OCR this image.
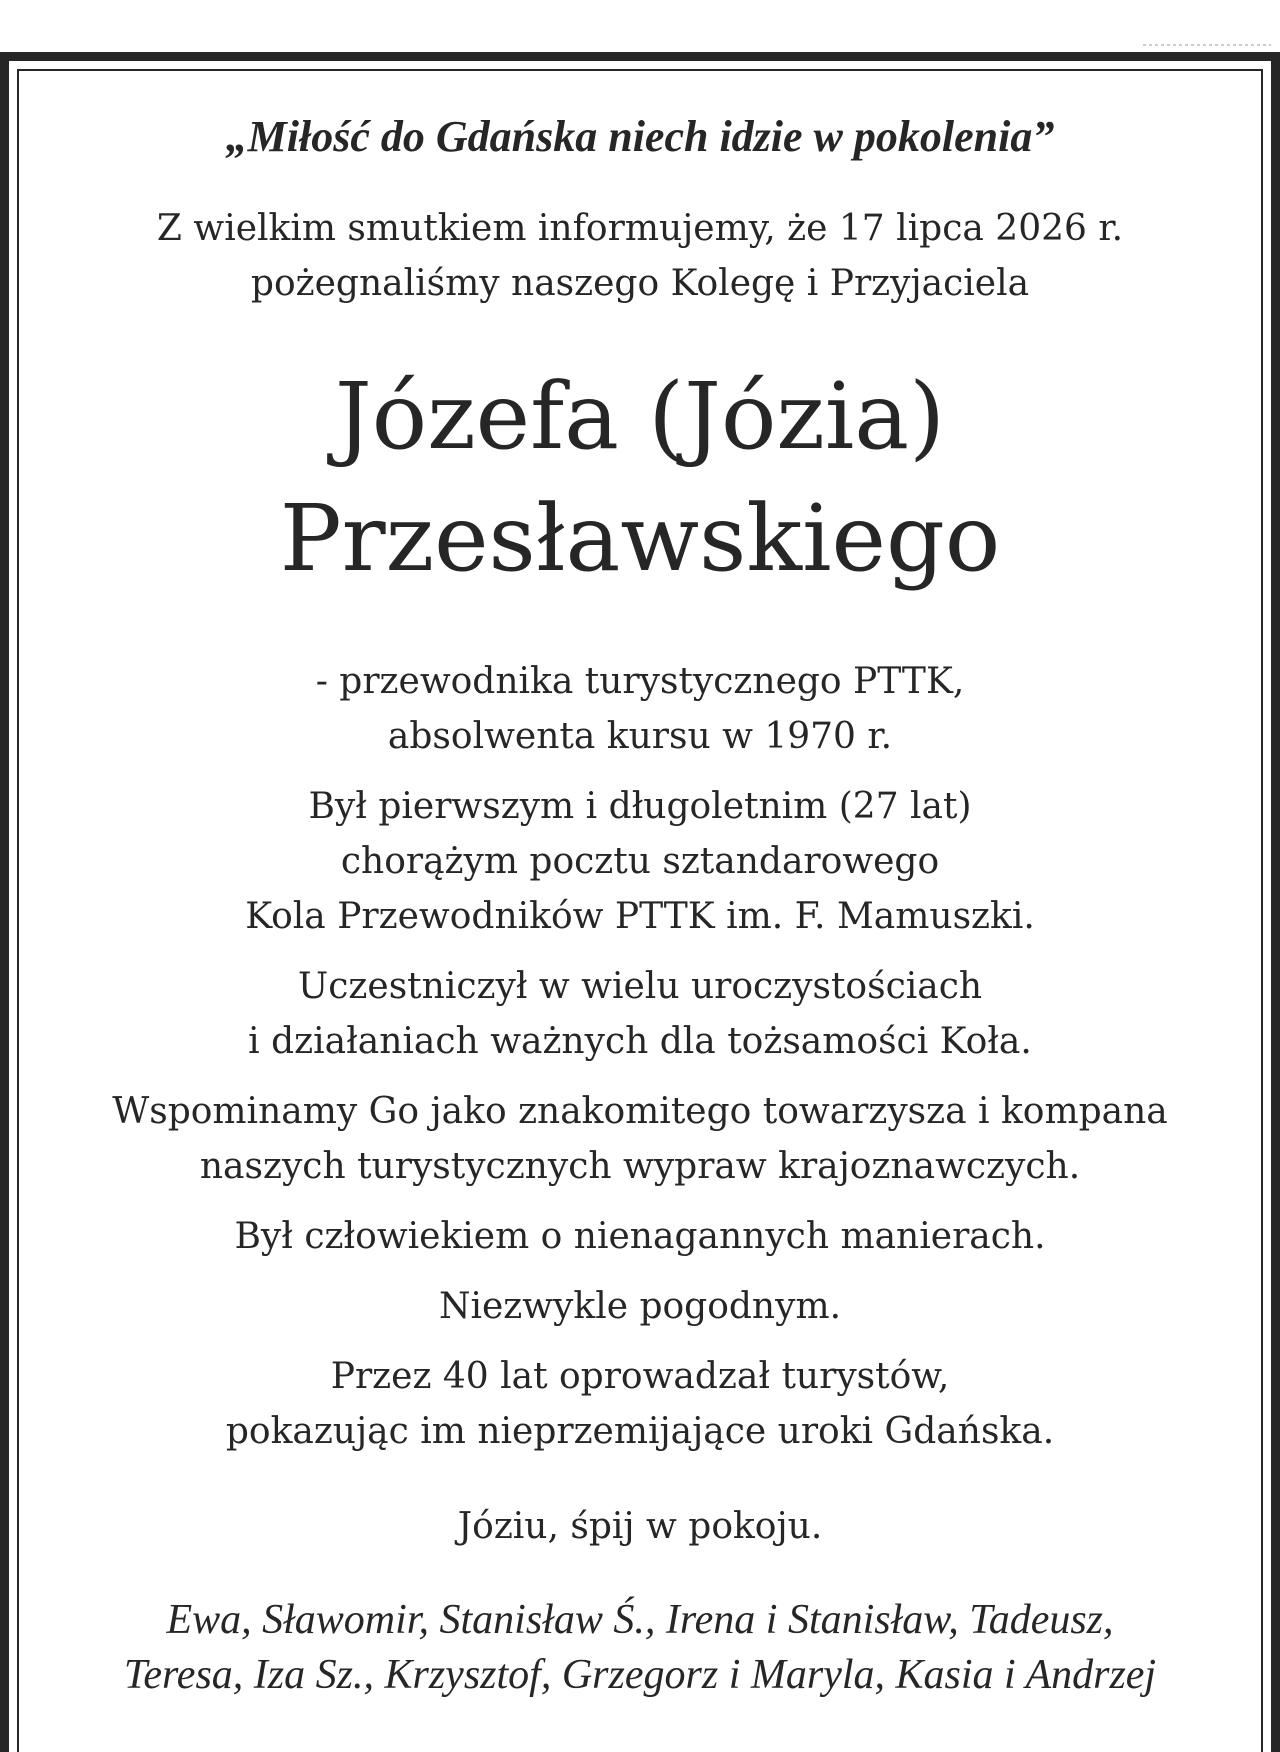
„Miłość do Gdańska niech idzie w pokolenia”
Z wielkim smutkiem informujemy, że 17 lipca 2026 r.
pożegnaliśmy naszego Kolegę i Przyjaciela
Józefa (Józia)
Przesławskiego
- przewodnika turystycznego PTTK,
absolwenta kursu w 1970 r.
Był pierwszym i długoletnim (27 lat)
chorążym pocztu sztandarowego
Kola Przewodników PTTK im. F. Mamuszki.
Uczestniczył w wielu uroczystościach
i działaniach ważnych dla tożsamości Koła.
Wspominamy Go jako znakomitego towarzysza i kompana
naszych turystycznych wypraw krajoznawczych.
Był człowiekiem o nienagannych manierach.
Niezwykle pogodnym.
Przez 40 lat oprowadzał turystów,
pokazując im nieprzemijające uroki Gdańska.
Józiu, śpij w pokoju.
Ewa, Sławomir, Stanisław Ś., Irena i Stanisław, Tadeusz,
Teresa, Iza Sz., Krzysztof, Grzegorz i Maryla, Kasia i Andrzej
